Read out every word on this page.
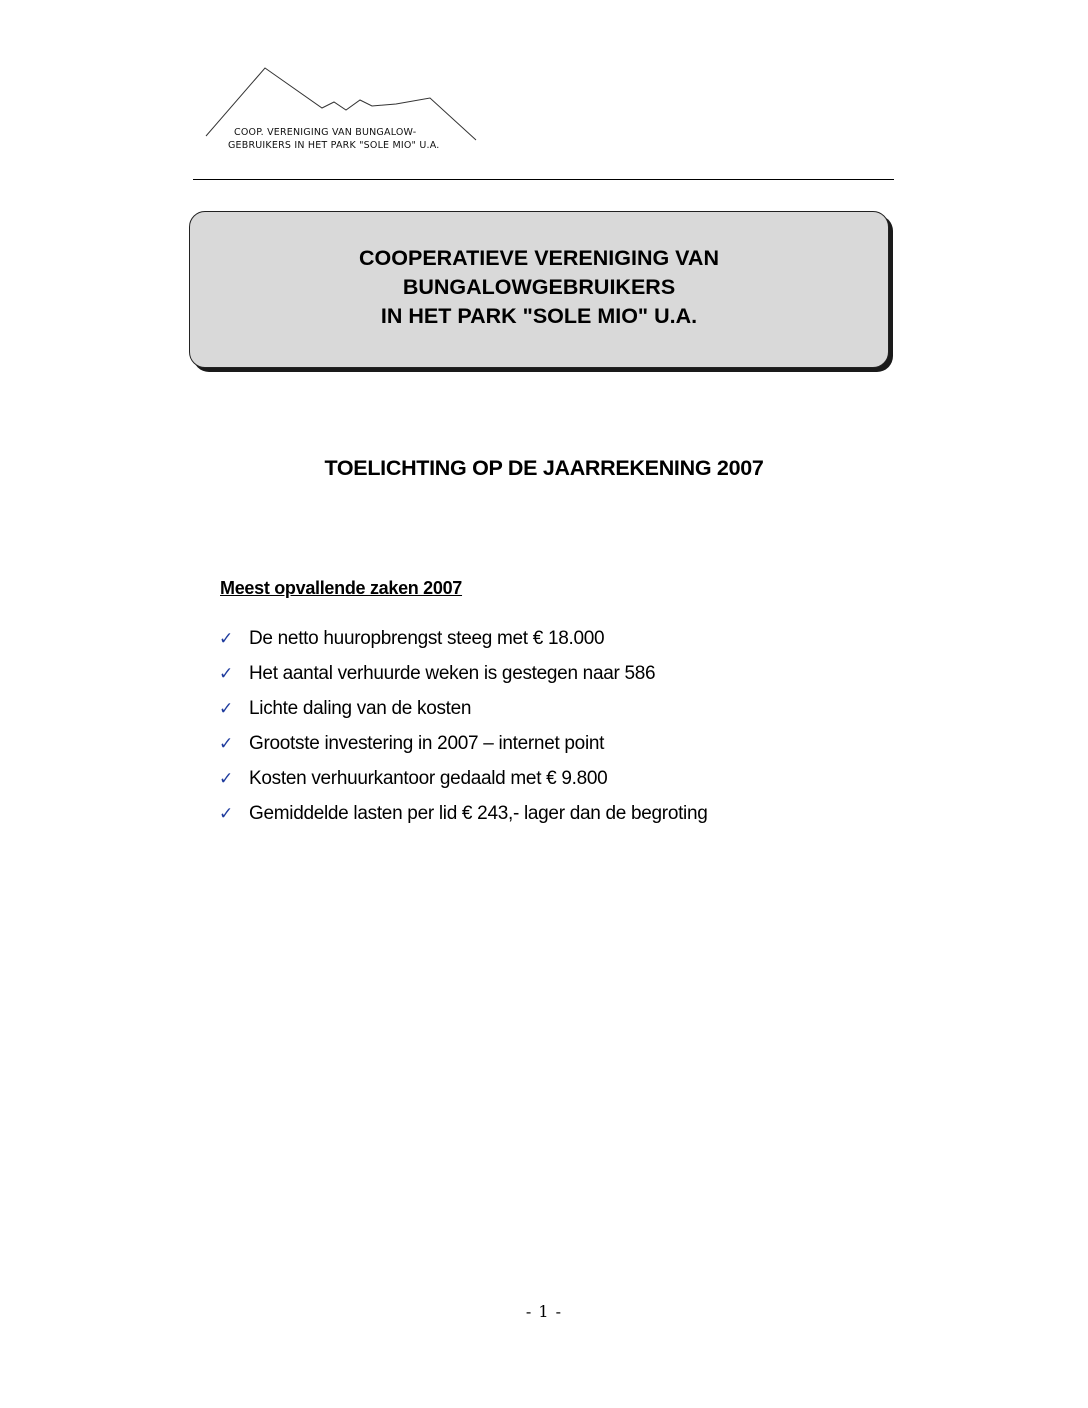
COOP. VERENIGING VAN BUNGALOW-
GEBRUIKERS IN HET PARK "SOLE MIO" U.A.
COOPERATIEVE VERENIGING VAN
BUNGALOWGEBRUIKERS
IN HET PARK "SOLE MIO" U.A.
TOELICHTING OP DE JAARREKENING 2007
Meest opvallende zaken 2007
✓ De netto huuropbrengst steeg met € 18.000
✓ Het aantal verhuurde weken is gestegen naar 586
✓ Lichte daling van de kosten
✓ Grootste investering in 2007 – internet point
✓ Kosten verhuurkantoor gedaald met € 9.800
✓ Gemiddelde lasten per lid € 243,- lager dan de begroting
- 1 -
